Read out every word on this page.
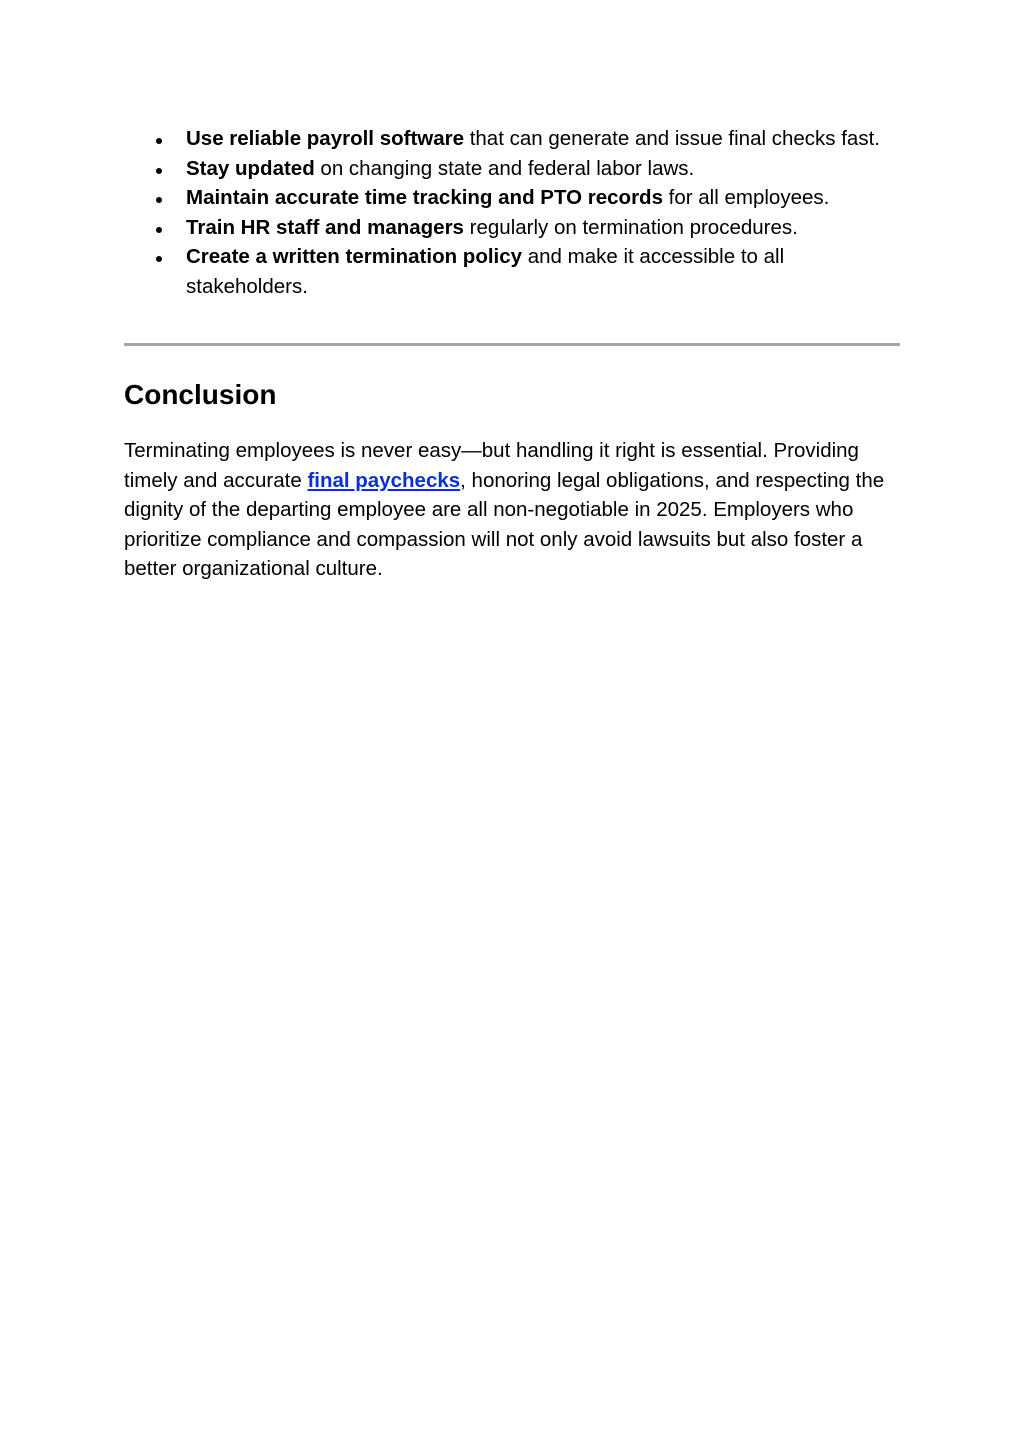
Use reliable payroll software that can generate and issue final checks fast.
Stay updated on changing state and federal labor laws.
Maintain accurate time tracking and PTO records for all employees.
Train HR staff and managers regularly on termination procedures.
Create a written termination policy and make it accessible to all stakeholders.
Conclusion

Terminating employees is never easy—but handling it right is essential. Providing timely and accurate final paychecks, honoring legal obligations, and respecting the dignity of the departing employee are all non-negotiable in 2025. Employers who prioritize compliance and compassion will not only avoid lawsuits but also foster a better organizational culture.
